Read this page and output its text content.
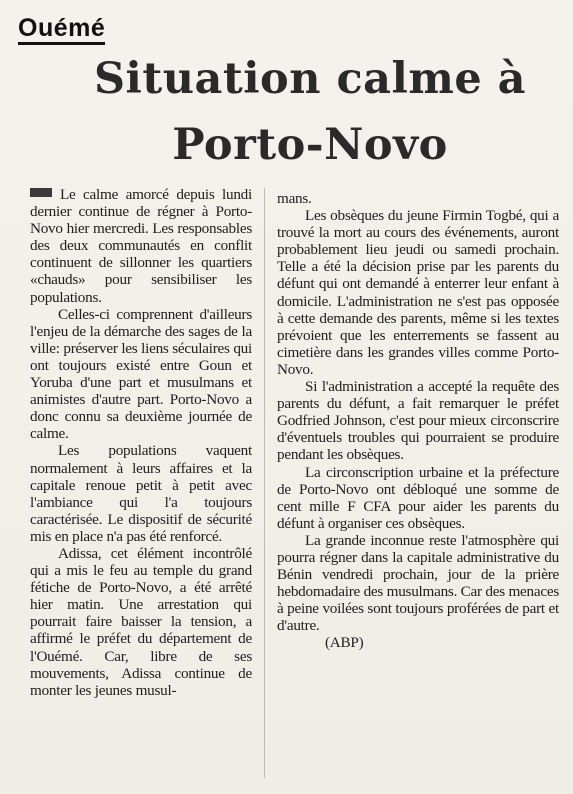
Ouémé
Situation calme à
Porto-Novo

Le calme amorcé depuis lundi dernier continue de régner à Porto-Novo hier mercredi. Les responsables des deux communautés en conflit continuent de sillonner les quartiers «chauds» pour sensibiliser les populations.

Celles-ci comprennent d'ailleurs l'enjeu de la démarche des sages de la ville: préserver les liens séculaires qui ont toujours existé entre Goun et Yoruba d'une part et musulmans et animistes d'autre part. Porto-Novo a donc connu sa deuxième journée de calme.

Les populations vaquent normalement à leurs affaires et la capitale renoue petit à petit avec l'ambiance qui l'a toujours caractérisée. Le dispositif de sécurité mis en place n'a pas été renforcé.

Adissa, cet élément incontrôlé qui a mis le feu au temple du grand fétiche de Porto-Novo, a été arrêté hier matin. Une arrestation qui pourrait faire baisser la tension, a affirmé le préfet du département de l'Ouémé. Car, libre de ses mouvements, Adissa continue de monter les jeunes musul-

mans.

Les obsèques du jeune Firmin Togbé, qui a trouvé la mort au cours des événements, auront probablement lieu jeudi ou samedi prochain. Telle a été la décision prise par les parents du défunt qui ont demandé à enterrer leur enfant à domicile. L'administration ne s'est pas opposée à cette demande des parents, même si les textes prévoient que les enterrements se fassent au cimetière dans les grandes villes comme Porto-Novo.

Si l'administration a accepté la requête des parents du défunt, a fait remarquer le préfet Godfried Johnson, c'est pour mieux circonscrire d'éventuels troubles qui pourraient se produire pendant les obsèques.

La circonscription urbaine et la préfecture de Porto-Novo ont débloqué une somme de cent mille F CFA pour aider les parents du défunt à organiser ces obsèques.

La grande inconnue reste l'atmosphère qui pourra régner dans la capitale administrative du Bénin vendredi prochain, jour de la prière hebdomadaire des musulmans. Car des menaces à peine voilées sont toujours proférées de part et d'autre.

(ABP)
